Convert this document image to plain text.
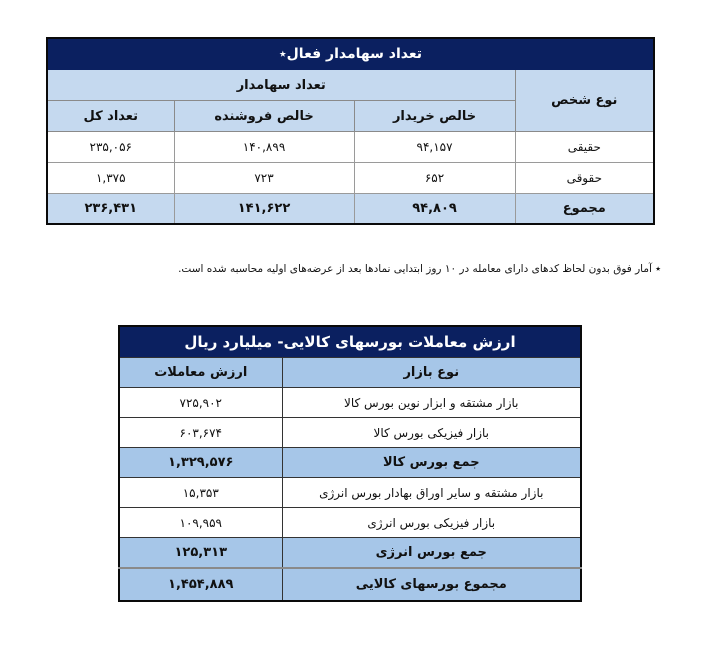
تعداد سهامدار فعال٭			
نوع شخص	تعداد سهامدار		
	خالص خریدار	خالص فروشنده	تعداد کل
حقیقی	۹۴,۱۵۷	۱۴۰,۸۹۹	۲۳۵,۰۵۶
حقوقی	۶۵۲	۷۲۳	۱,۳۷۵
مجموع	۹۴,۸۰۹	۱۴۱,۶۲۲	۲۳۶,۴۳۱
٭ آمار فوق بدون لحاظ کدهای دارای معامله در ۱۰ روز ابتدایی نمادها بعد از عرضه‌های اولیه محاسبه شده است.
ارزش معاملات بورسهای کالایی- میلیارد ریال	
نوع بازار	ارزش معاملات
بازار مشتقه و ابزار نوین بورس کالا	۷۲۵,۹۰۲
بازار فیزیکی بورس کالا	۶۰۳,۶۷۴
جمع بورس کالا	۱,۳۲۹,۵۷۶
بازار مشتقه و سایر اوراق بهادار بورس انرژی	۱۵,۳۵۳
بازار فیزیکی بورس انرژی	۱۰۹,۹۵۹
جمع بورس انرژی	۱۲۵,۳۱۳
مجموع بورسهای کالایی	۱,۴۵۴,۸۸۹
